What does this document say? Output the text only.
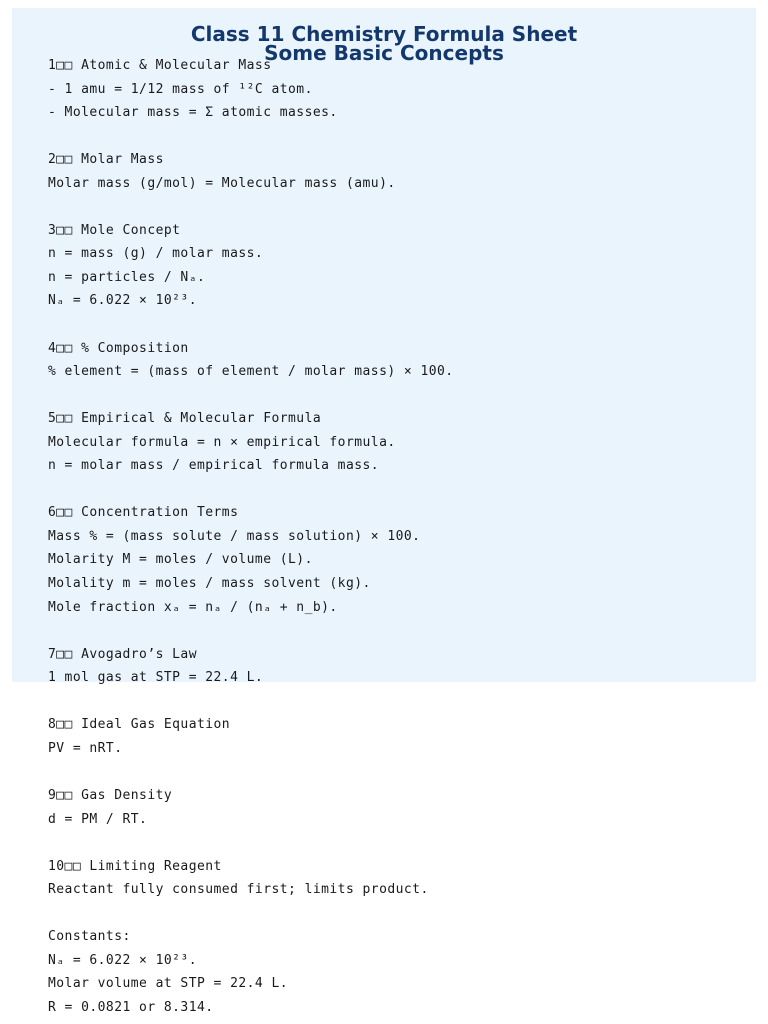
Class 11 Chemistry Formula Sheet
Some Basic Concepts
1□□ Atomic & Molecular Mass
- 1 amu = 1/12 mass of ¹²C atom.
- Molecular mass = Σ atomic masses.
2□□ Molar Mass
Molar mass (g/mol) = Molecular mass (amu).
3□□ Mole Concept
n = mass (g) / molar mass.
n = particles / Nₐ.
Nₐ = 6.022 × 10²³.
4□□ % Composition
% element = (mass of element / molar mass) × 100.
5□□ Empirical & Molecular Formula
Molecular formula = n × empirical formula.
n = molar mass / empirical formula mass.
6□□ Concentration Terms
Mass % = (mass solute / mass solution) × 100.
Molarity M = moles / volume (L).
Molality m = moles / mass solvent (kg).
Mole fraction xₐ = nₐ / (nₐ + n_b).
7□□ Avogadro’s Law
1 mol gas at STP = 22.4 L.
8□□ Ideal Gas Equation
PV = nRT.
9□□ Gas Density
d = PM / RT.
10□□ Limiting Reagent
Reactant fully consumed first; limits product.
Constants:
Nₐ = 6.022 × 10²³.
Molar volume at STP = 22.4 L.
R = 0.0821 or 8.314.
